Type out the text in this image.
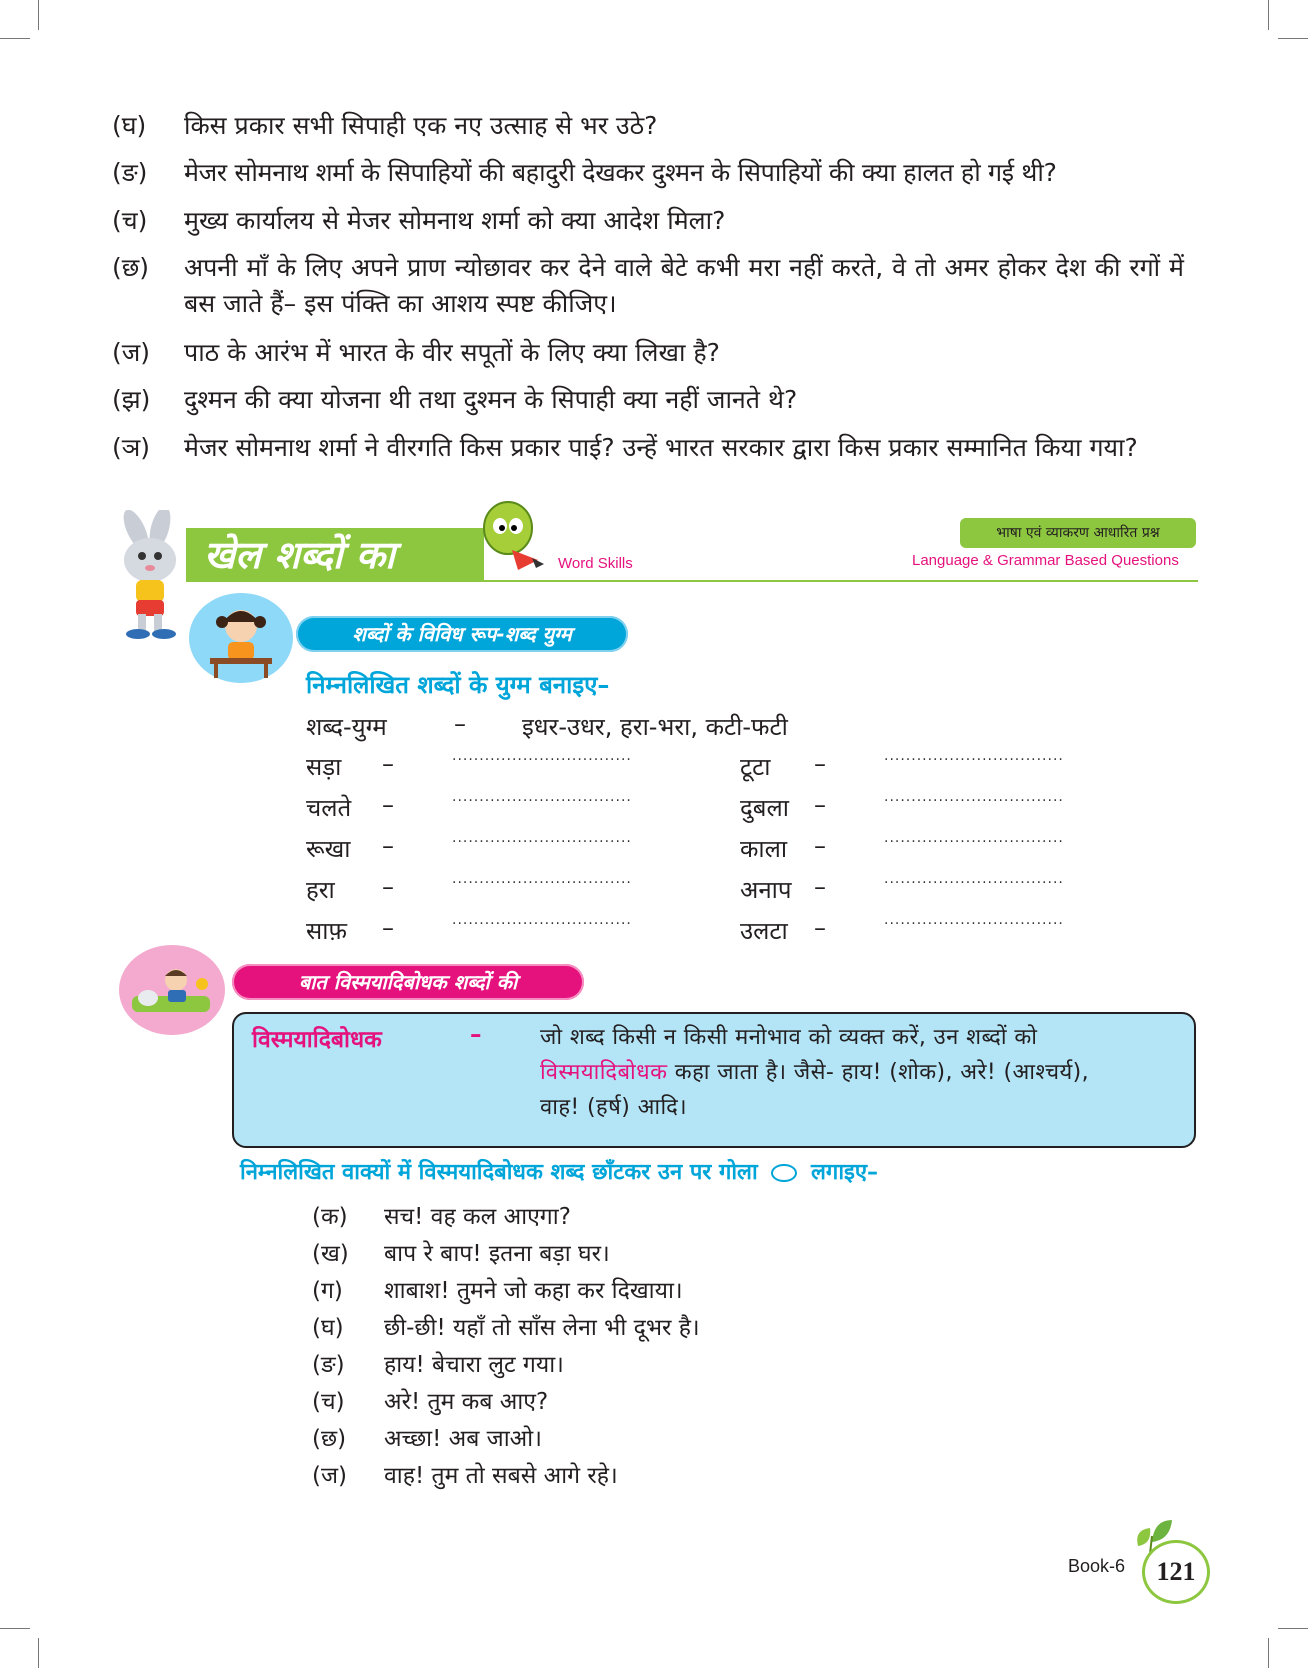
(घ)	किस प्रकार सभी सिपाही एक नए उत्साह से भर उठे?
(ङ)	मेजर सोमनाथ शर्मा के सिपाहियों की बहादुरी देखकर दुश्मन के सिपाहियों की क्या हालत हो गई थी?
(च)	मुख्य कार्यालय से मेजर सोमनाथ शर्मा को क्या आदेश मिला?
(छ)	अपनी माँ के लिए अपने प्राण न्योछावर कर देने वाले बेटे कभी मरा नहीं करते, वे तो अमर होकर देश की रगों में बस जाते हैं– इस पंक्ति का आशय स्पष्ट कीजिए।
(ज)	पाठ के आरंभ में भारत के वीर सपूतों के लिए क्या लिखा है?
(झ)	दुश्मन की क्या योजना थी तथा दुश्मन के सिपाही क्या नहीं जानते थे?
(ञ)	मेजर सोमनाथ शर्मा ने वीरगति किस प्रकार पाई? उन्हें भारत सरकार द्वारा किस प्रकार सम्मानित किया गया?
खेल शब्दों का	Word Skills
भाषा एवं व्याकरण आधारित प्रश्न
Language & Grammar Based Questions
शब्दों के विविध रूप-शब्द युग्म
निम्नलिखित शब्दों के युग्म बनाइए–
शब्द-युग्म	– इधर-उधर, हरा-भरा, कटी-फटी
सड़ा –	.................................	टूटा –	.................................
चलते –	.................................	दुबला –	.................................
रूखा –	.................................	काला –	.................................
हरा –	.................................	अनाप –	.................................
साफ़ –	.................................	उलटा –	.................................
बात विस्मयादिबोधक शब्दों की
विस्मयादिबोधक	–	जो शब्द किसी न किसी मनोभाव को व्यक्त करें, उन शब्दों को विस्मयादिबोधक कहा जाता है। जैसे- हाय! (शोक), अरे! (आश्चर्य), वाह! (हर्ष) आदि।
निम्नलिखित वाक्यों में विस्मयादिबोधक शब्द छाँटकर उन पर गोला लगाइए–
(क) सच! वह कल आएगा?
(ख) बाप रे बाप! इतना बड़ा घर।
(ग) शाबाश! तुमने जो कहा कर दिखाया।
(घ) छी-छी! यहाँ तो साँस लेना भी दूभर है।
(ङ) हाय! बेचारा लुट गया।
(च) अरे! तुम कब आए?
(छ) अच्छा! अब जाओ।
(ज) वाह! तुम तो सबसे आगे रहे।
Book-6	121
